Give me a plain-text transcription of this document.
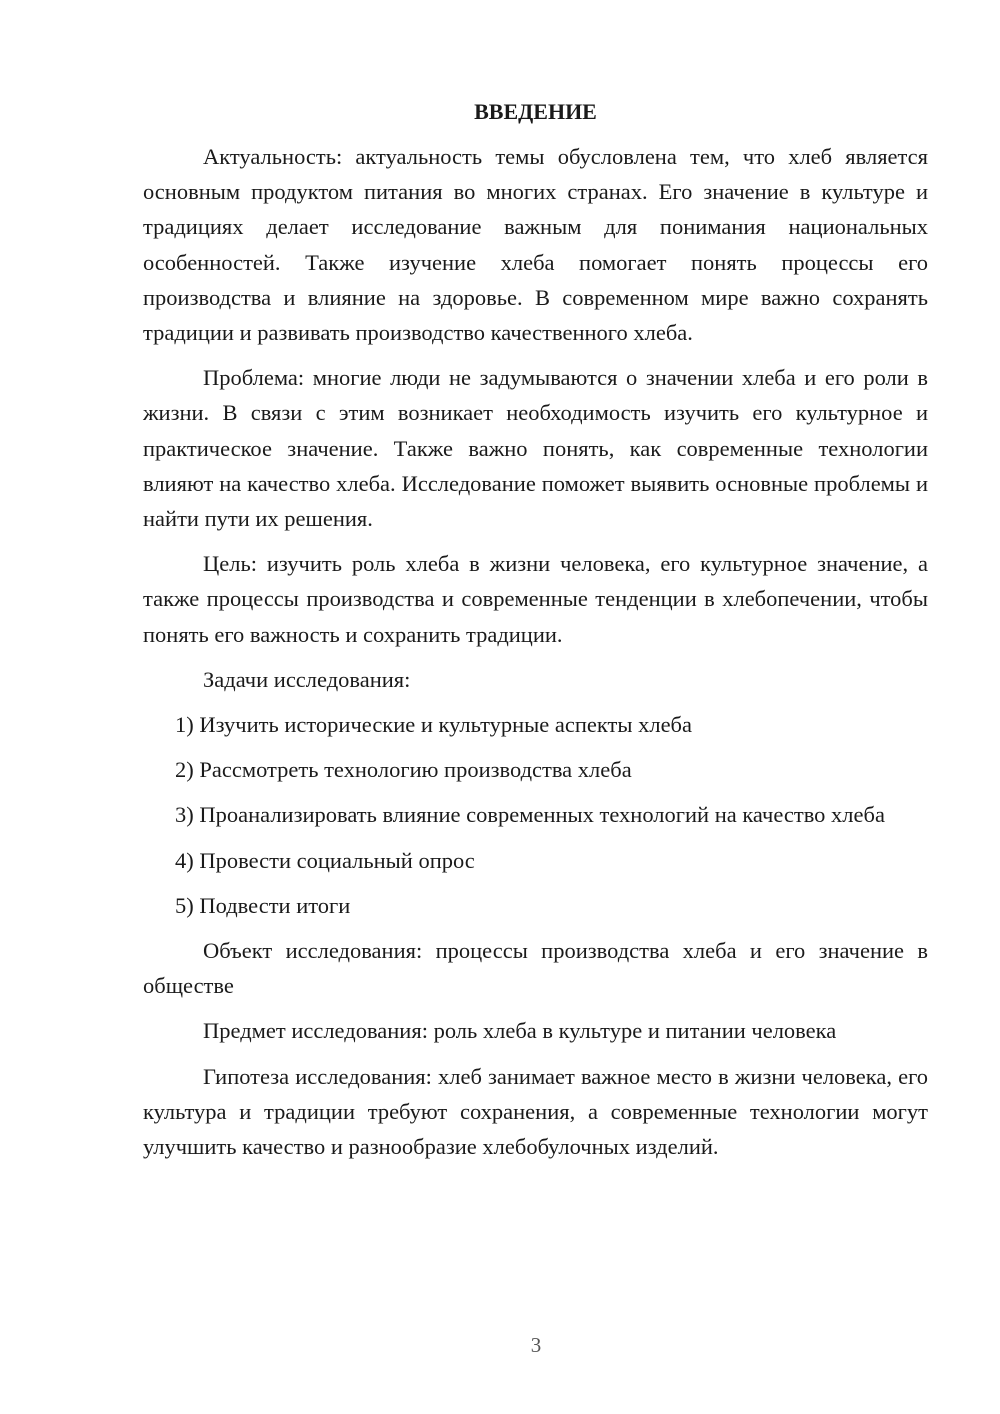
ВВЕДЕНИЕ

Актуальность: актуальность темы обусловлена тем, что хлеб является основным продуктом питания во многих странах. Его значение в культуре и традициях делает исследование важным для понимания национальных особенностей. Также изучение хлеба помогает понять процессы его производства и влияние на здоровье. В современном мире важно сохранять традиции и развивать производство качественного хлеба.

Проблема: многие люди не задумываются о значении хлеба и его роли в жизни. В связи с этим возникает необходимость изучить его культурное и практическое значение. Также важно понять, как современные технологии влияют на качество хлеба. Исследование поможет выявить основные проблемы и найти пути их решения.

Цель: изучить роль хлеба в жизни человека, его культурное значение, а также процессы производства и современные тенденции в хлебопечении, чтобы понять его важность и сохранить традиции.

Задачи исследования:

1) Изучить исторические и культурные аспекты хлеба

2) Рассмотреть технологию производства хлеба

3) Проанализировать влияние современных технологий на качество хлеба

4) Провести социальный опрос

5) Подвести итоги

Объект исследования: процессы производства хлеба и его значение в обществе

Предмет исследования: роль хлеба в культуре и питании человека

Гипотеза исследования: хлеб занимает важное место в жизни человека, его культура и традиции требуют сохранения, а современные технологии могут улучшить качество и разнообразие хлебобулочных изделий.

3
